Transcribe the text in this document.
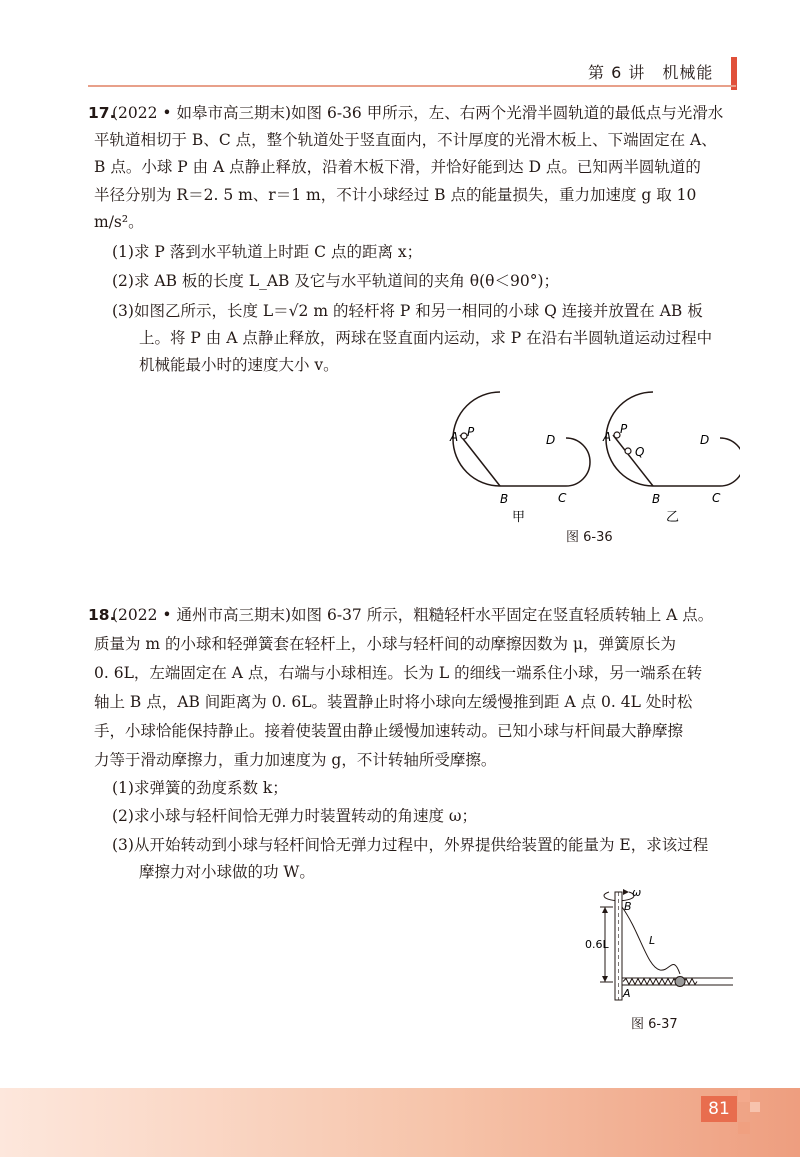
第 6 讲　机械能
17.
(2022 • 如皋市高三期末)如图 6-36 甲所示，左、右两个光滑半圆轨道的最低点与光滑水
平轨道相切于 B、C 点，整个轨道处于竖直面内，不计厚度的光滑木板上、下端固定在 A、
B 点。小球 P 由 A 点静止释放，沿着木板下滑，并恰好能到达 D 点。已知两半圆轨道的
半径分别为 R＝2. 5 m、r＝1 m，不计小球经过 B 点的能量损失，重力加速度 g 取 10
m/s²。
(1)求 P 落到水平轨道上时距 C 点的距离 x；
(2)求 AB 板的长度 L_AB 及它与水平轨道间的夹角 θ(θ＜90°)；
(3)如图乙所示，长度 L＝√2 m 的轻杆将 P 和另一相同的小球 Q 连接并放置在 AB 板
上。将 P 由 A 点静止释放，两球在竖直面内运动，求 P 在沿右半圆轨道运动过程中
机械能最小时的速度大小 v。
A P
B	C
D	A
P
Q
B	C
D
甲	乙
图 6-36
18.
(2022 • 通州市高三期末)如图 6-37 所示，粗糙轻杆水平固定在竖直轻质转轴上 A 点。
质量为 m 的小球和轻弹簧套在轻杆上，小球与轻杆间的动摩擦因数为 μ，弹簧原长为
0. 6L，左端固定在 A 点，右端与小球相连。长为 L 的细线一端系住小球，另一端系在转
轴上 B 点，AB 间距离为 0. 6L。装置静止时将小球向左缓慢推到距 A 点 0. 4L 处时松
手，小球恰能保持静止。接着使装置由静止缓慢加速转动。已知小球与杆间最大静摩擦
力等于滑动摩擦力，重力加速度为 g，不计转轴所受摩擦。
(1)求弹簧的劲度系数 k；
(2)求小球与轻杆间恰无弹力时装置转动的角速度 ω；
(3)从开始转动到小球与轻杆间恰无弹力过程中，外界提供给装置的能量为 E，求该过程
摩擦力对小球做的功 W。
ω
B
L
0.6L
A
图 6-37
81
